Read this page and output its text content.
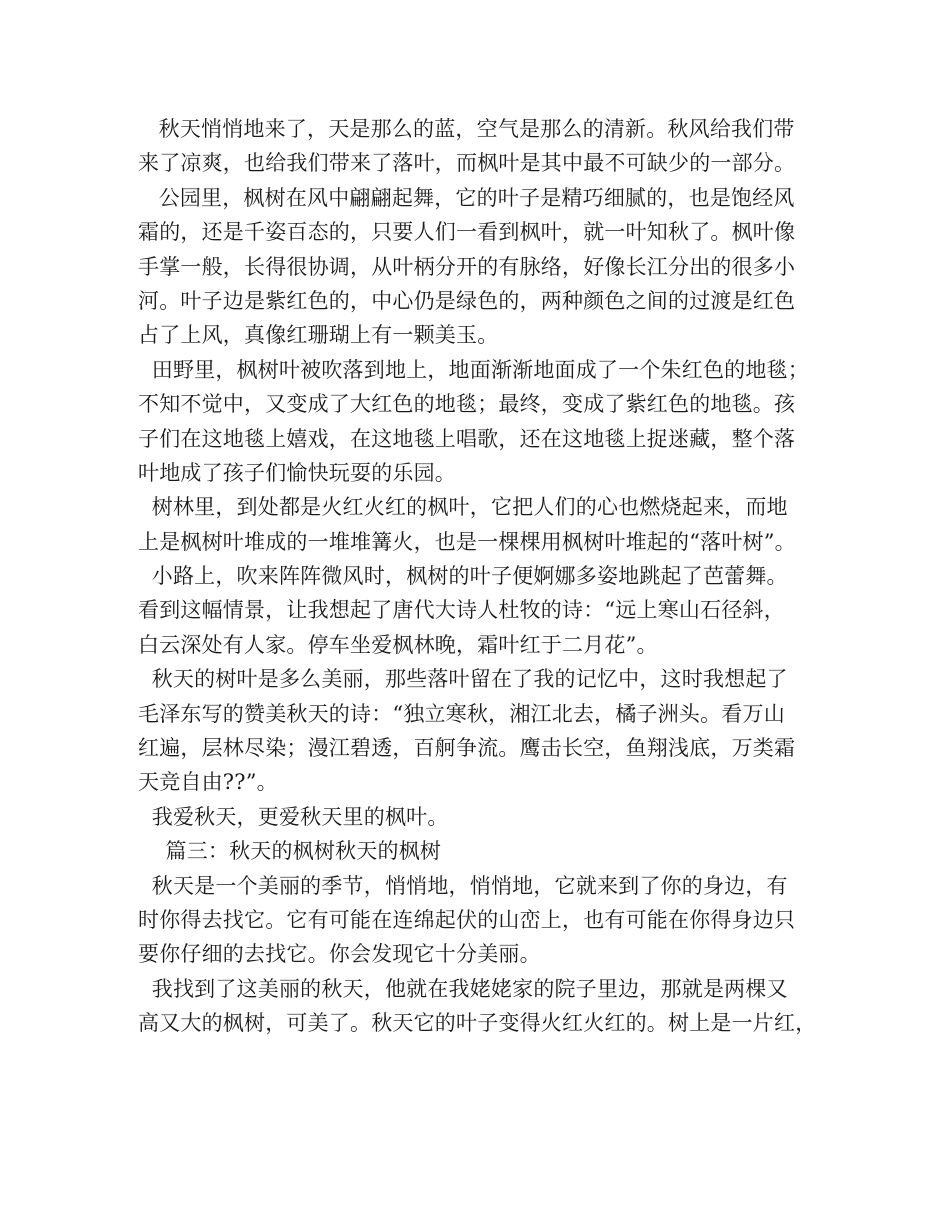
秋天悄悄地来了，天是那么的蓝，空气是那么的清新。秋风给我们带
来了凉爽，也给我们带来了落叶，而枫叶是其中最不可缺少的一部分。
公园里，枫树在风中翩翩起舞，它的叶子是精巧细腻的，也是饱经风
霜的，还是千姿百态的，只要人们一看到枫叶，就一叶知秋了。枫叶像
手掌一般，长得很协调，从叶柄分开的有脉络，好像长江分出的很多小
河。叶子边是紫红色的，中心仍是绿色的，两种颜色之间的过渡是红色
占了上风，真像红珊瑚上有一颗美玉。
田野里，枫树叶被吹落到地上，地面渐渐地面成了一个朱红色的地毯；
不知不觉中，又变成了大红色的地毯；最终，变成了紫红色的地毯。孩
子们在这地毯上嬉戏，在这地毯上唱歌，还在这地毯上捉迷藏，整个落
叶地成了孩子们愉快玩耍的乐园。
树林里，到处都是火红火红的枫叶，它把人们的心也燃烧起来，而地
上是枫树叶堆成的一堆堆篝火，也是一棵棵用枫树叶堆起的“落叶树”。
小路上，吹来阵阵微风时，枫树的叶子便婀娜多姿地跳起了芭蕾舞。
看到这幅情景，让我想起了唐代大诗人杜牧的诗：“远上寒山石径斜，
白云深处有人家。停车坐爱枫林晚，霜叶红于二月花”。
秋天的树叶是多么美丽，那些落叶留在了我的记忆中，这时我想起了
毛泽东写的赞美秋天的诗：“独立寒秋，湘江北去，橘子洲头。看万山
红遍，层林尽染；漫江碧透，百舸争流。鹰击长空，鱼翔浅底，万类霜
天竞自由??”。
我爱秋天，更爱秋天里的枫叶。
篇三：秋天的枫树秋天的枫树
秋天是一个美丽的季节，悄悄地，悄悄地，它就来到了你的身边，有
时你得去找它。它有可能在连绵起伏的山峦上，也有可能在你得身边只
要你仔细的去找它。你会发现它十分美丽。
我找到了这美丽的秋天，他就在我姥姥家的院子里边，那就是两棵又
高又大的枫树，可美了。秋天它的叶子变得火红火红的。树上是一片红，
